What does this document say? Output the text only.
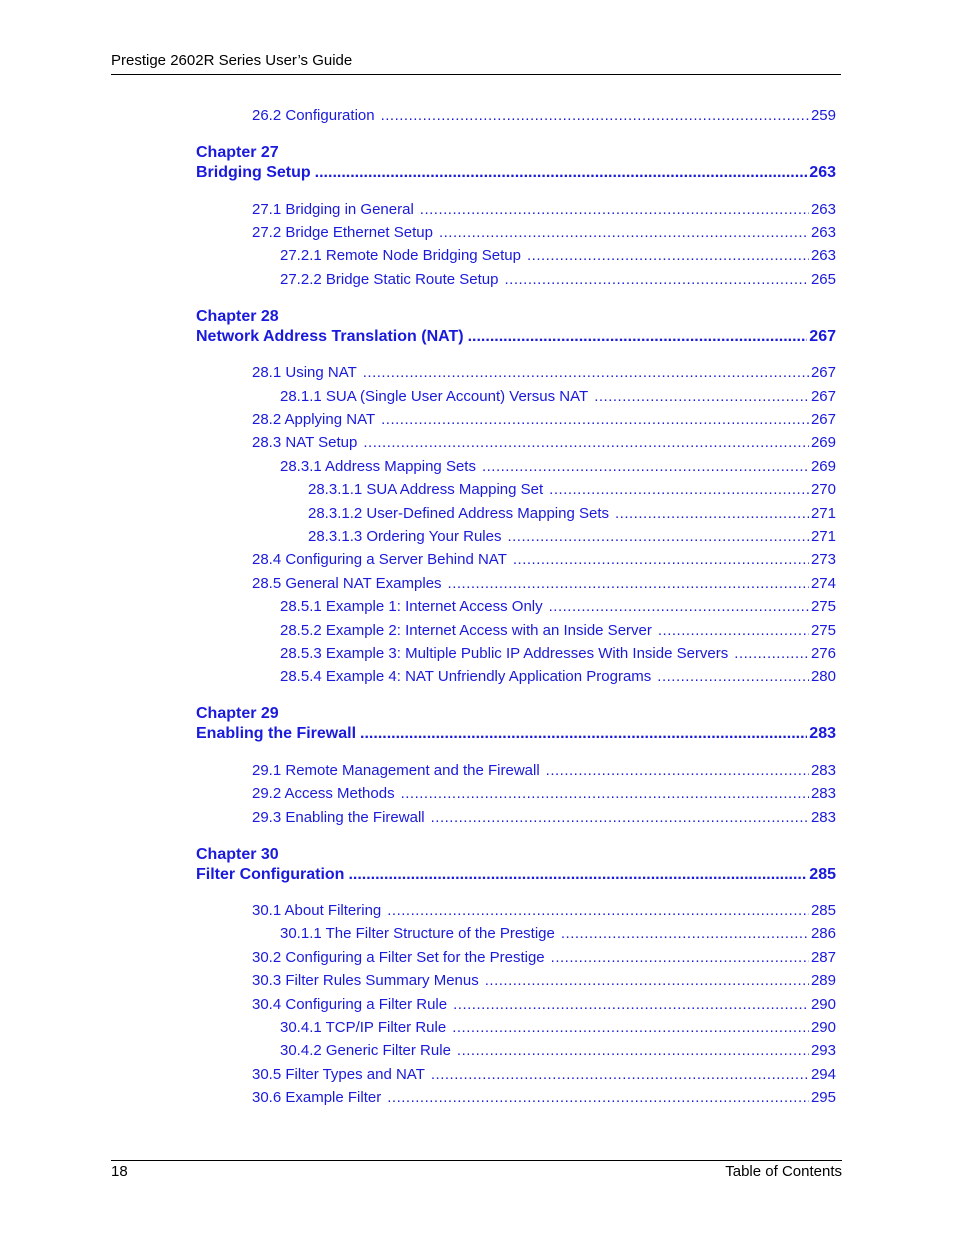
Prestige 2602R Series User’s Guide
26.2 Configuration .....	259
Chapter 27
Bridging Setup .....	263
27.1 Bridging in General .....	263
27.2 Bridge Ethernet Setup .....	263
27.2.1 Remote Node Bridging Setup .....	263
27.2.2 Bridge Static Route Setup .....	265
Chapter 28
Network Address Translation (NAT) .....	267
28.1 Using NAT .....	267
28.1.1 SUA (Single User Account) Versus NAT .....	267
28.2 Applying NAT .....	267
28.3 NAT Setup .....	269
28.3.1 Address Mapping Sets .....	269
28.3.1.1 SUA Address Mapping Set .....	270
28.3.1.2 User-Defined Address Mapping Sets .....	271
28.3.1.3 Ordering Your Rules .....	271
28.4 Configuring a Server Behind NAT .....	273
28.5 General NAT Examples .....	274
28.5.1 Example 1: Internet Access Only .....	275
28.5.2 Example 2: Internet Access with an Inside Server .....	275
28.5.3 Example 3: Multiple Public IP Addresses With Inside Servers .....	276
28.5.4 Example 4: NAT Unfriendly Application Programs .....	280
Chapter 29
Enabling the Firewall .....	283
29.1 Remote Management and the Firewall .....	283
29.2 Access Methods .....	283
29.3 Enabling the Firewall .....	283
Chapter 30
Filter Configuration .....	285
30.1 About Filtering .....	285
30.1.1 The Filter Structure of the Prestige .....	286
30.2 Configuring a Filter Set for the Prestige .....	287
30.3 Filter Rules Summary Menus .....	289
30.4 Configuring a Filter Rule .....	290
30.4.1 TCP/IP Filter Rule .....	290
30.4.2 Generic Filter Rule .....	293
30.5 Filter Types and NAT .....	294
30.6 Example Filter .....	295
18	Table of Contents
